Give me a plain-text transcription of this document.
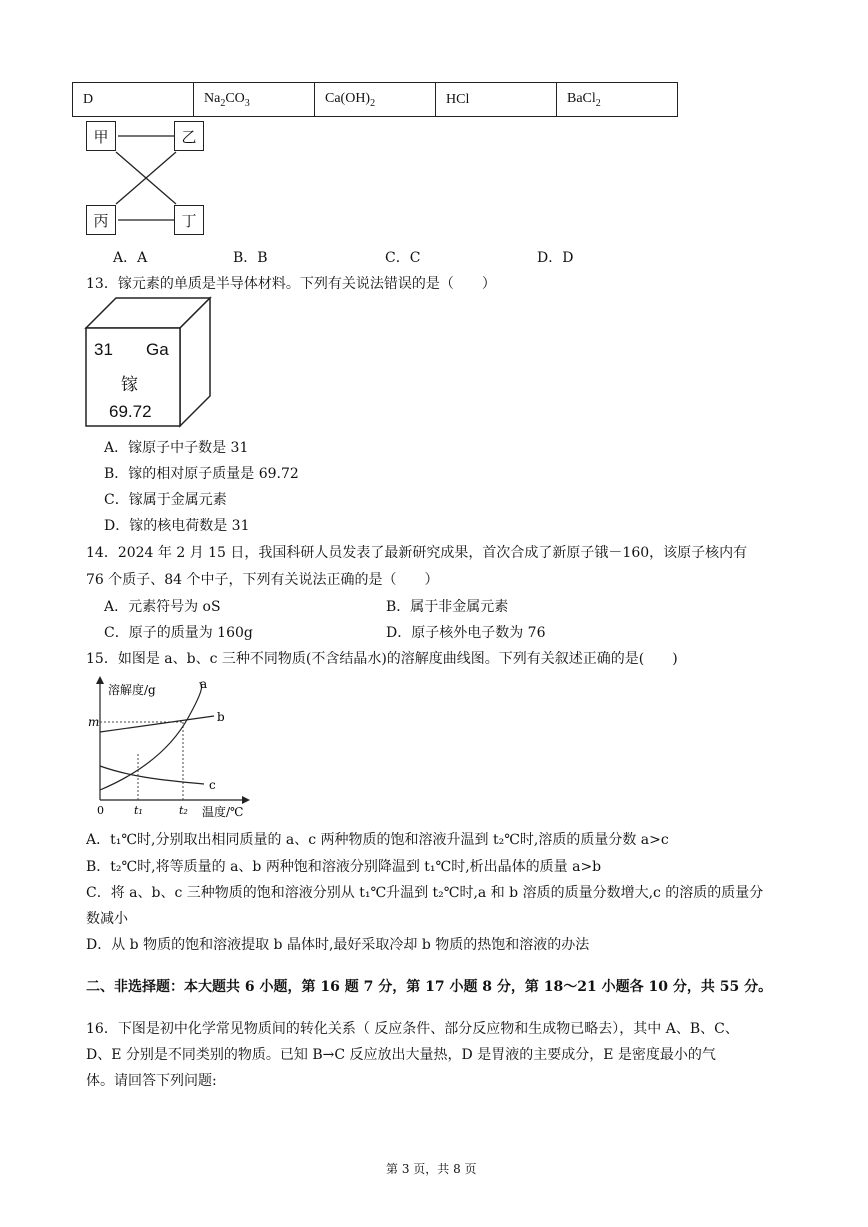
D	$Na_2CO_3$	$Ca(OH)_2$	HCl	BaCl$_2$
甲	乙
丙	丁
A．A	B．B	C．C	D．D
13．镓元素的单质是半导体材料。下列有关说法错误的是（　　）
31 Ga
镓
69.72
A．镓原子中子数是 31
B．镓的相对原子质量是 69.72
C．镓属于金属元素
D．镓的核电荷数是 31
14．2024 年 2 月 15 日，我国科研人员发表了最新研究成果，首次合成了新原子锇－160，该原子核内有
76 个质子、84 个中子，下列有关说法正确的是（　　）
A．元素符号为 oS	B．属于非金属元素
C．原子的质量为 160g	D．原子核外电子数为 76
15．如图是 a、b、c 三种不同物质(不含结晶水)的溶解度曲线图。下列有关叙述正确的是(　　)
溶解度/g	a
b
c
m
0	t₁	t₂ 温度/℃
A．t₁℃时,分别取出相同质量的 a、c 两种物质的饱和溶液升温到 t₂℃时,溶质的质量分数 a>c
B．t₂℃时,将等质量的 a、b 两种饱和溶液分别降温到 t₁℃时,析出晶体的质量 a>b
C．将 a、b、c 三种物质的饱和溶液分别从 t₁℃升温到 t₂℃时,a 和 b 溶质的质量分数增大,c 的溶质的质量分
数减小
D．从 b 物质的饱和溶液提取 b 晶体时,最好采取冷却 b 物质的热饱和溶液的办法
二、非选择题：本大题共 6 小题，第 16 题 7 分，第 17 小题 8 分，第 18～21 小题各 10 分，共 55 分。
16．下图是初中化学常见物质间的转化关系（ 反应条件、部分反应物和生成物已略去），其中 A、B、C、
D、E 分别是不同类别的物质。已知 B→C 反应放出大量热，D 是胃液的主要成分，E 是密度最小的气
体。请回答下列问题:
第 3 页，共 8 页
